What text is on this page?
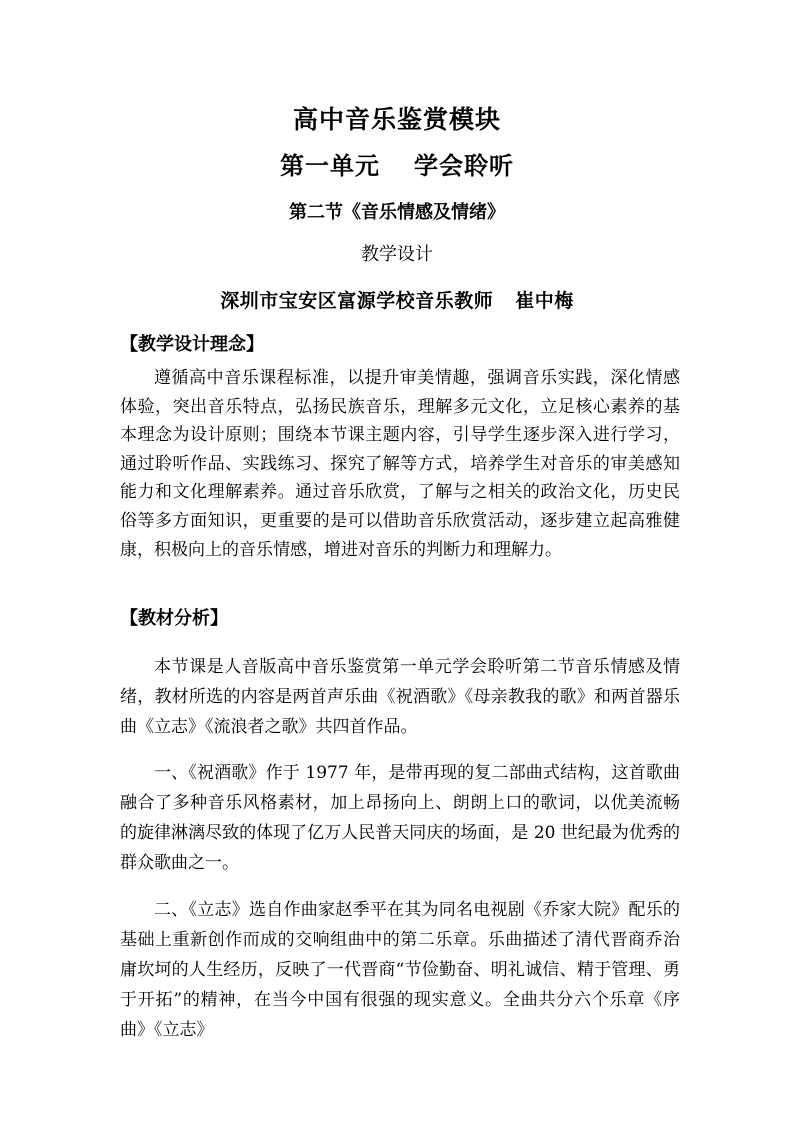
高中音乐鉴赏模块
第一单元 学会聆听
第二节《音乐情感及情绪》
教学设计
深圳市宝安区富源学校音乐教师 崔中梅
【教学设计理念】

遵循高中音乐课程标准，以提升审美情趣，强调音乐实践，深化情感体验，突出音乐特点，弘扬民族音乐，理解多元文化，立足核心素养的基本理念为设计原则；围绕本节课主题内容，引导学生逐步深入进行学习，通过聆听作品、实践练习、探究了解等方式，培养学生对音乐的审美感知能力和文化理解素养。通过音乐欣赏，了解与之相关的政治文化，历史民俗等多方面知识，更重要的是可以借助音乐欣赏活动，逐步建立起高雅健康，积极向上的音乐情感，增进对音乐的判断力和理解力。

【教材分析】

本节课是人音版高中音乐鉴赏第一单元学会聆听第二节音乐情感及情绪，教材所选的内容是两首声乐曲《祝酒歌》《母亲教我的歌》和两首器乐曲《立志》《流浪者之歌》共四首作品。

一、《祝酒歌》作于 1977 年，是带再现的复二部曲式结构，这首歌曲融合了多种音乐风格素材，加上昂扬向上、朗朗上口的歌词，以优美流畅的旋律淋漓尽致的体现了亿万人民普天同庆的场面，是 20 世纪最为优秀的群众歌曲之一。

二、《立志》选自作曲家赵季平在其为同名电视剧《乔家大院》配乐的基础上重新创作而成的交响组曲中的第二乐章。乐曲描述了清代晋商乔治庸坎坷的人生经历，反映了一代晋商“节俭勤奋、明礼诚信、精于管理、勇于开拓”的精神，在当今中国有很强的现实意义。全曲共分六个乐章《序曲》《立志》
